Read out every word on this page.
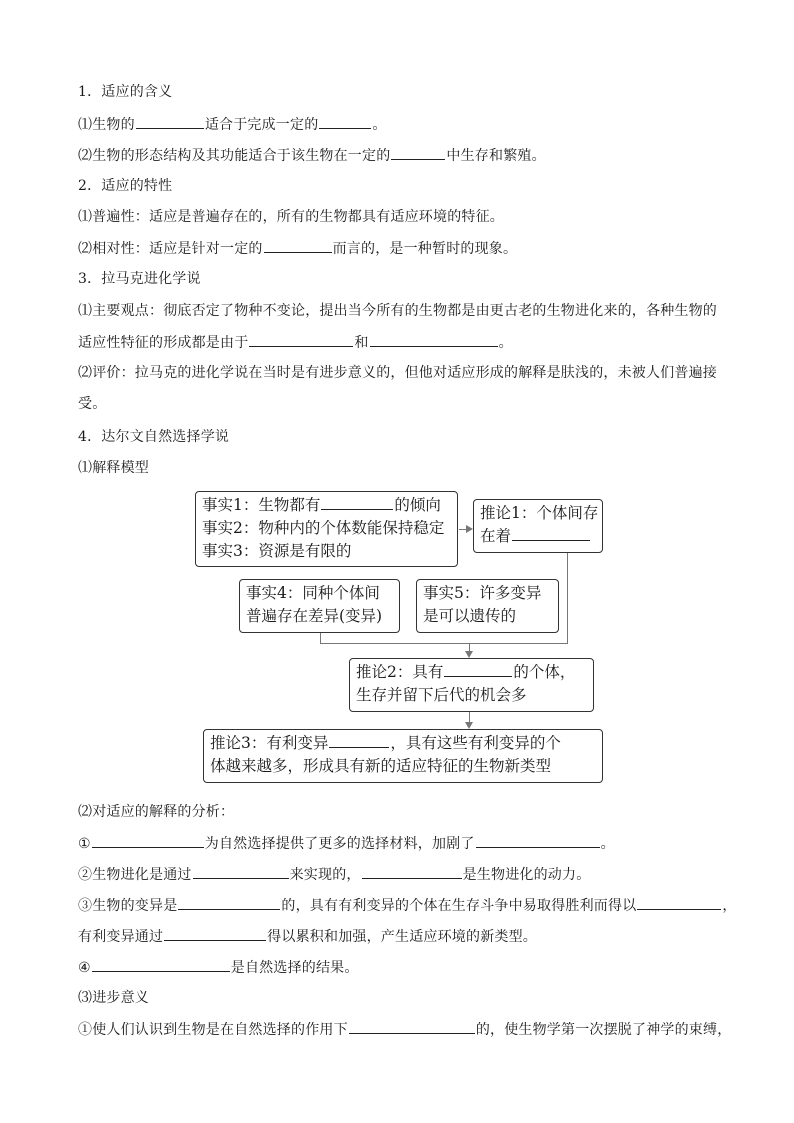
1．适应的含义
⑴生物的	适合于完成一定的	。
⑵生物的形态结构及其功能适合于该生物在一定的	中生存和繁殖。
2．适应的特性
⑴普遍性：适应是普遍存在的，所有的生物都具有适应环境的特征。
⑵相对性：适应是针对一定的	而言的，是一种暂时的现象。
3．拉马克进化学说
⑴主要观点：彻底否定了物种不变论，提出当今所有的生物都是由更古老的生物进化来的，各种生物的
适应性特征的形成都是由于	和	。
⑵评价：拉马克的进化学说在当时是有进步意义的，但他对适应形成的解释是肤浅的，未被人们普遍接
受。
4．达尔文自然选择学说
⑴解释模型
事实1：生物都有	的倾向
事实2：物种内的个体数能保持稳定
事实3：资源是有限的
推论1：个体间存
在着
事实4：同种个体间
普遍存在差异(变异)
事实5：许多变异
是可以遗传的
推论2：具有	的个体，
生存并留下后代的机会多
推论3：有利变异	，具有这些有利变异的个
体越来越多，形成具有新的适应特征的生物新类型
⑵对适应的解释的分析：
①	为自然选择提供了更多的选择材料，加剧了	。
②生物进化是通过	来实现的，	是生物进化的动力。
③生物的变异是	的，具有有利变异的个体在生存斗争中易取得胜利而得以	，
有利变异通过	得以累积和加强，产生适应环境的新类型。
④	是自然选择的结果。
⑶进步意义
①使人们认识到生物是在自然选择的作用下	的，使生物学第一次摆脱了神学的束缚，
